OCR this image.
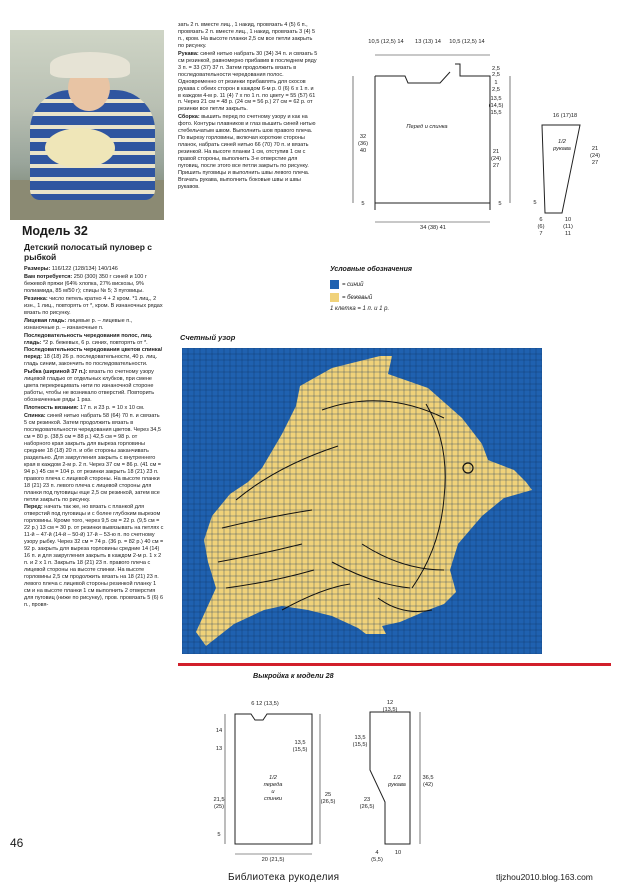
Модель 32
Детский полосатый пуловер с рыбкой

Размеры: 116/122 (128/134) 140/146

Вам потребуется: 250 (300) 350 г синей и 100 г бежевой пряжи (64% хлопка, 27% вискозы, 9% полиамида, 85 м/50 г); спицы № 5; 3 пуговицы.

Резинка: число петель кратно 4 + 2 кром. *1 лиц., 2 изн., 1 лиц., повторять от *, кром. В изнаночных рядах вязать по рисунку.

Лицевая гладь: лицевые р. – лицевые п., изнаночные р. – изнаночные п.

Последовательность чередования полос, лиц. гладь: *2 р. бежевых, 6 р. синих, повторять от *.

Последовательность чередования цветов спинка/перед: 18 (18) 26 р. последовательности, 40 р. лиц. гладь синим, закончить по последовательности.

Рыбка (шириной 37 п.): вязать по счетному узору лицевой гладью от отдельных клубков, при смене цвета перекрещивать нити по изнаночной стороне работы, чтобы не возникало отверстий. Повторить обозначенные ряды 1 раз.

Плотность вязания: 17 п. и 23 р. = 10 х 10 см.

Спинка: синей нитью набрать 58 (64) 70 п. и связать 5 см резинкой. Затем продолжить вязать в последовательности чередования цветов. Через 34,5 см = 80 р. (38,5 см = 88 р.) 42,5 см = 98 р. от наборного края закрыть для выреза горловины средние 18 (18) 20 п. и обе стороны заканчивать раздельно. Для закругления закрыть с внутреннего края в каждом 2-м р. 2 п. Через 37 см = 86 р. (41 см = 94 р.) 45 см = 104 р. от резинки закрыть 18 (21) 23 п. правого плеча с лицевой стороны. На высоте планки 18 (21) 23 п. левого плеча с лицевой стороны для планки под пуговицы еще 2,5 см резинкой, затем все петли закрыть по рисунку.

Перед: начать так же, но вязать с планкой для отверстий под пуговицы и с более глубоким вырезом горловины. Кроме того, через 9,5 см = 22 р. (9,5 см = 22 р.) 13 см = 30 р. от резинки вывязывать на петлях с 11-й – 47-й (14-й – 50-й) 17-й – 53-ю п. по счетному узору рыбку. Через 32 см = 74 р. (36 р. = 82 р.) 40 см = 92 р. закрыть для выреза горловины средние 14 (14) 16 п. и для закругления закрыть в каждом 2-м р. 1 х 2 п. и 2 х 1 п. Закрыть 18 (21) 23 п. правого плеча с лицевой стороны на высоте спинки. На высоте горловины 2,5 см продолжить вязать на 18 (21) 23 п. левого плеча с лицевой стороны резинкой планку 1 см и на высоте планки 1 см выполнить 2 отверстия для пуговиц (ниже по рисунку), пров. провязать 5 (6) 6 п., провя-

зать 2 п. вместе лиц., 1 накид, провязать 4 (5) 6 п., провязать 2 п. вместе лиц., 1 накид, провязать 3 (4) 5 п., кром. На высоте планки 2,5 см все петли закрыть по рисунку.

Рукава: синей нитью набрать 30 (34) 34 п. и связать 5 см резинкой, равномерно прибавив в последнем ряду 3 п. = 33 (37) 37 п. Затем продолжить вязать в последовательности чередования полос. Одновременно от резинки прибавлять для скосов рукава с обеих сторон в каждом 6-м р. 0 (6) 6 х 1 п. и в каждом 4-м р. 11 (4) 7 х по 1 п. по цвету = 55 (57) 61 п. Через 21 см = 48 р. (24 см = 56 р.) 27 см = 62 р. от резинки все петли закрыть.

Сборка: вышить перед по счетному узору и как на фото. Контуры плавников и глаз вышить синей нитью стебельчатым швом. Выполнить шов правого плеча. По вырезу горловины, включая короткие стороны планок, набрать синей нитью 66 (70) 70 п. и вязать резинкой. На высоте планки 1 см, отступив 1 см с правой стороны, выполнить 3-е отверстие для пуговиц, после этого все петли закрыть по рисунку. Пришить пуговицы и выполнить швы левого плеча. Втачать рукава, выполнить боковые швы и швы рукавов.

10,5 (12,5) 14 13 (13) 14 10,5 (12,5) 14
2,5
2,5
1
2,5
13,5
(14,5)
15,5
21
(24)
27
32
(36)
40
5	5
34 (38) 41
Перед и спинка
16 (17)18
1/2
рукава	21
(24)
27
5
6
(6)
7
10
(11)
11
Условные обозначения
= синий
= бежевый
1 клетка = 1 п. и 1 р.
Счетный узор
Выкройка к модели 28
6 12 (13,5)
14
13
21,5
(25)
13,5
(15,5)
25
(26,5)
5
1/2
переда
и
спинки
20 (21,5)
12
(13,5)
13,5
(15,5)
23
(26,5)
36,5
(42)
4
(5,5)
10
1/2
рукава
46
Библиотека рукоделия	tljzhou2010.blog.163.com
